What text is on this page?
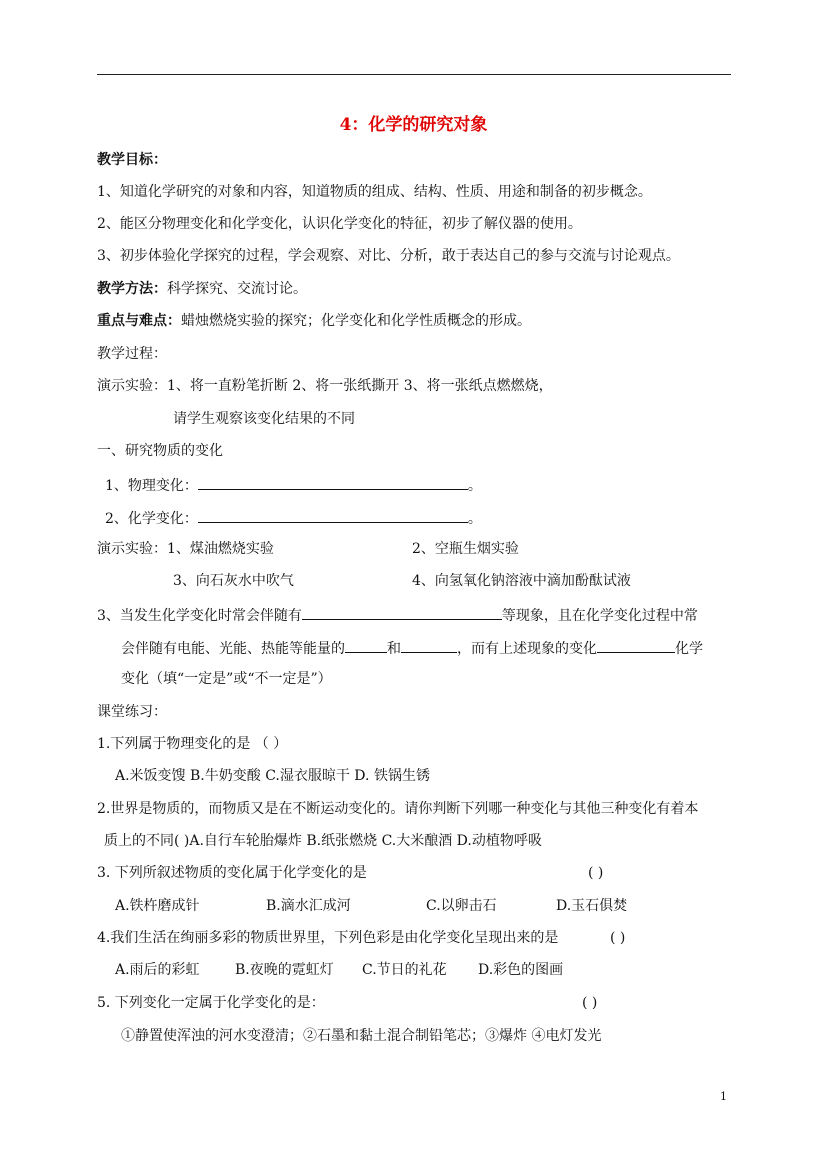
4：化学的研究对象
教学目标：
1、知道化学研究的对象和内容，知道物质的组成、结构、性质、用途和制备的初步概念。
2、能区分物理变化和化学变化，认识化学变化的特征，初步了解仪器的使用。
3、初步体验化学探究的过程，学会观察、对比、分析，敢于表达自己的参与交流与讨论观点。
教学方法：科学探究、交流讨论。
重点与难点：蜡烛燃烧实验的探究；化学变化和化学性质概念的形成。
教学过程：
演示实验：1、将一直粉笔折断 2、将一张纸撕开 3、将一张纸点燃燃烧，
请学生观察该变化结果的不同
一、研究物质的变化
1、物理变化：	。
2、化学变化：	。
演示实验： 1、煤油燃烧实验	2、空瓶生烟实验
3、向石灰水中吹气	4、向氢氧化钠溶液中滴加酚酞试液
3、当发生化学变化时常会伴随有	等现象，且在化学变化过程中常
会伴随有电能、光能、热能等能量的	和	，而有上述现象的变化	化学
变化（填“一定是”或“不一定是”）
课堂练习：
1.下列属于物理变化的是 （ ）
A.米饭变馊 B.牛奶变酸 C.湿衣服晾干 D. 铁锅生锈
2.世界是物质的，而物质又是在不断运动变化的。请你判断下列哪一种变化与其他三种变化有着本
质上的不同( )A.自行车轮胎爆炸 B.纸张燃烧 C.大米酿酒 D.动植物呼吸
3. 下列所叙述物质的变化属于化学变化的是	( )
A.铁杵磨成针	B.滴水汇成河	C.以卵击石	D.玉石俱焚
4.我们生活在绚丽多彩的物质世界里，下列色彩是由化学变化呈现出来的是	( )
A.雨后的彩虹	B.夜晚的霓虹灯 C.节日的礼花 D.彩色的图画
5. 下列变化一定属于化学变化的是：	( )
①静置使浑浊的河水变澄清；②石墨和黏土混合制铅笔芯；③爆炸 ④电灯发光
1
